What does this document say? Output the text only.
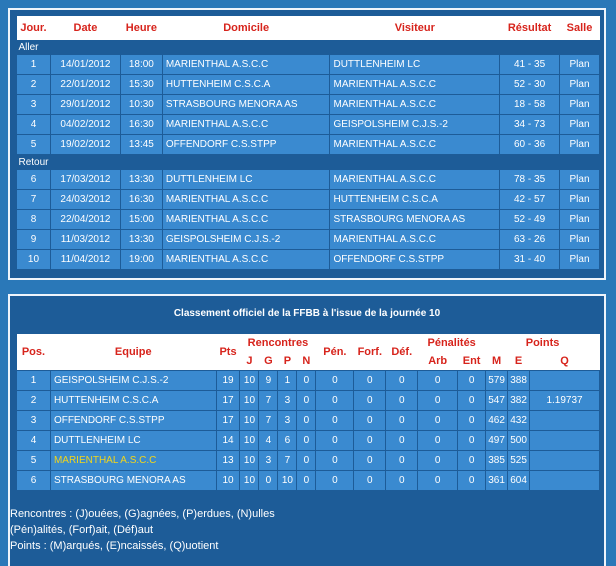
Jour.	Date	Heure	Domicile	Visiteur	Résultat	Salle
Aller						
1	14/01/2012	18:00	MARIENTHAL A.S.C.C	DUTTLENHEIM LC	41 - 35	Plan
2	22/01/2012	15:30	HUTTENHEIM C.S.C.A	MARIENTHAL A.S.C.C	52 - 30	Plan
3	29/01/2012	10:30	STRASBOURG MENORA AS	MARIENTHAL A.S.C.C	18 - 58	Plan
4	04/02/2012	16:30	MARIENTHAL A.S.C.C	GEISPOLSHEIM C.J.S.-2	34 - 73	Plan
5	19/02/2012	13:45	OFFENDORF C.S.STPP	MARIENTHAL A.S.C.C	60 - 36	Plan
Retour						
6	17/03/2012	13:30	DUTTLENHEIM LC	MARIENTHAL A.S.C.C	78 - 35	Plan
7	24/03/2012	16:30	MARIENTHAL A.S.C.C	HUTTENHEIM C.S.C.A	42 - 57	Plan
8	22/04/2012	15:00	MARIENTHAL A.S.C.C	STRASBOURG MENORA AS	52 - 49	Plan
9	11/03/2012	13:30	GEISPOLSHEIM C.J.S.-2	MARIENTHAL A.S.C.C	63 - 26	Plan
10	11/04/2012	19:00	MARIENTHAL A.S.C.C	OFFENDORF C.S.STPP	31 - 40	Plan
Classement officiel de la FFBB à l'issue de la journée 10
Pos.	Equipe	Pts	Rencontres				Pén.	Forf.	Déf.	Pénalités		Points		
			J	G	P	N				Arb	Ent	M	E	Q
1	GEISPOLSHEIM C.J.S.-2	19	10	9	1	0	0	0	0	0	0	579	388	
2	HUTTENHEIM C.S.C.A	17	10	7	3	0	0	0	0	0	0	547	382	1.19737
3	OFFENDORF C.S.STPP	17	10	7	3	0	0	0	0	0	0	462	432	
4	DUTTLENHEIM LC	14	10	4	6	0	0	0	0	0	0	497	500	
5	MARIENTHAL A.S.C.C	13	10	3	7	0	0	0	0	0	0	385	525	
6	STRASBOURG MENORA AS	10	10	0	10	0	0	0	0	0	0	361	604	
Rencontres : (J)ouées, (G)agnées, (P)erdues, (N)ulles
(Pén)alités, (Forf)ait, (Déf)aut
Points : (M)arqués, (E)ncaissés, (Q)uotient
